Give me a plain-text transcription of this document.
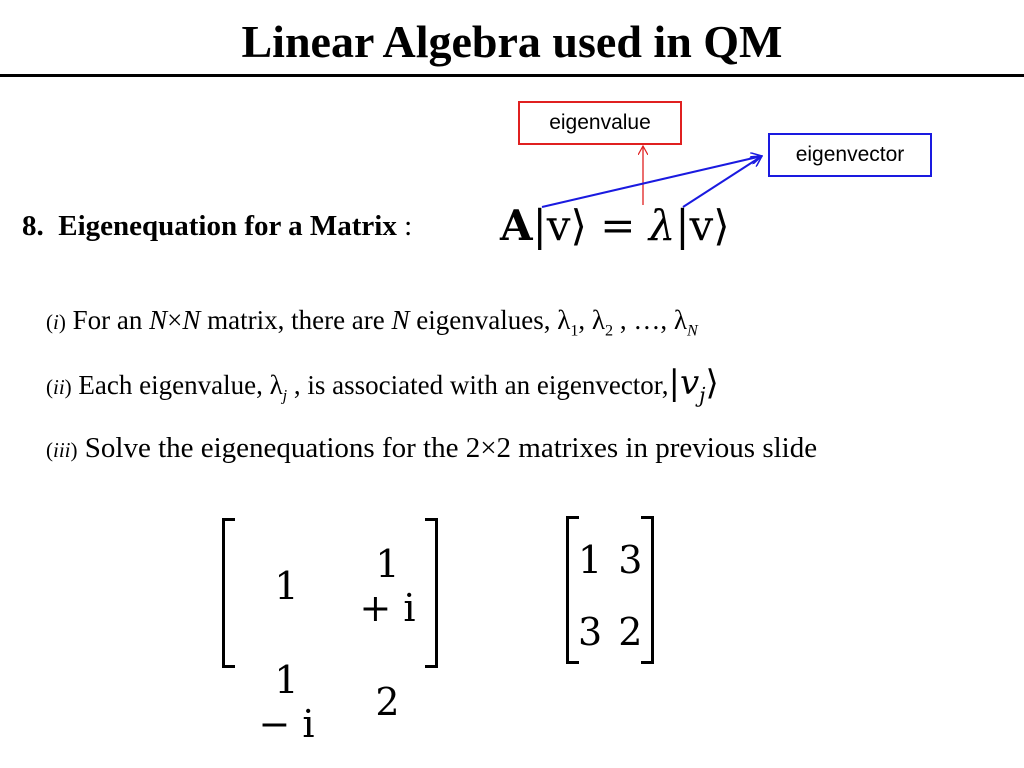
Linear Algebra used in QM
eigenvalue
eigenvector
8. Eigenequation for a Matrix : A|v⟩ = λ|v⟩
(i) For an N×N matrix, there are N eigenvalues, $\lambda_1$, $\lambda_2$ , …, $\lambda_N$
(ii) Each eigenvalue, $\lambda_j$ , is associated with an $eigenvector,|v_j⟩$
(iii) Solve the eigenequations for the 2×2 matrixes in previous slide
1	1 + i
1 − i	2
1	3
3	2
